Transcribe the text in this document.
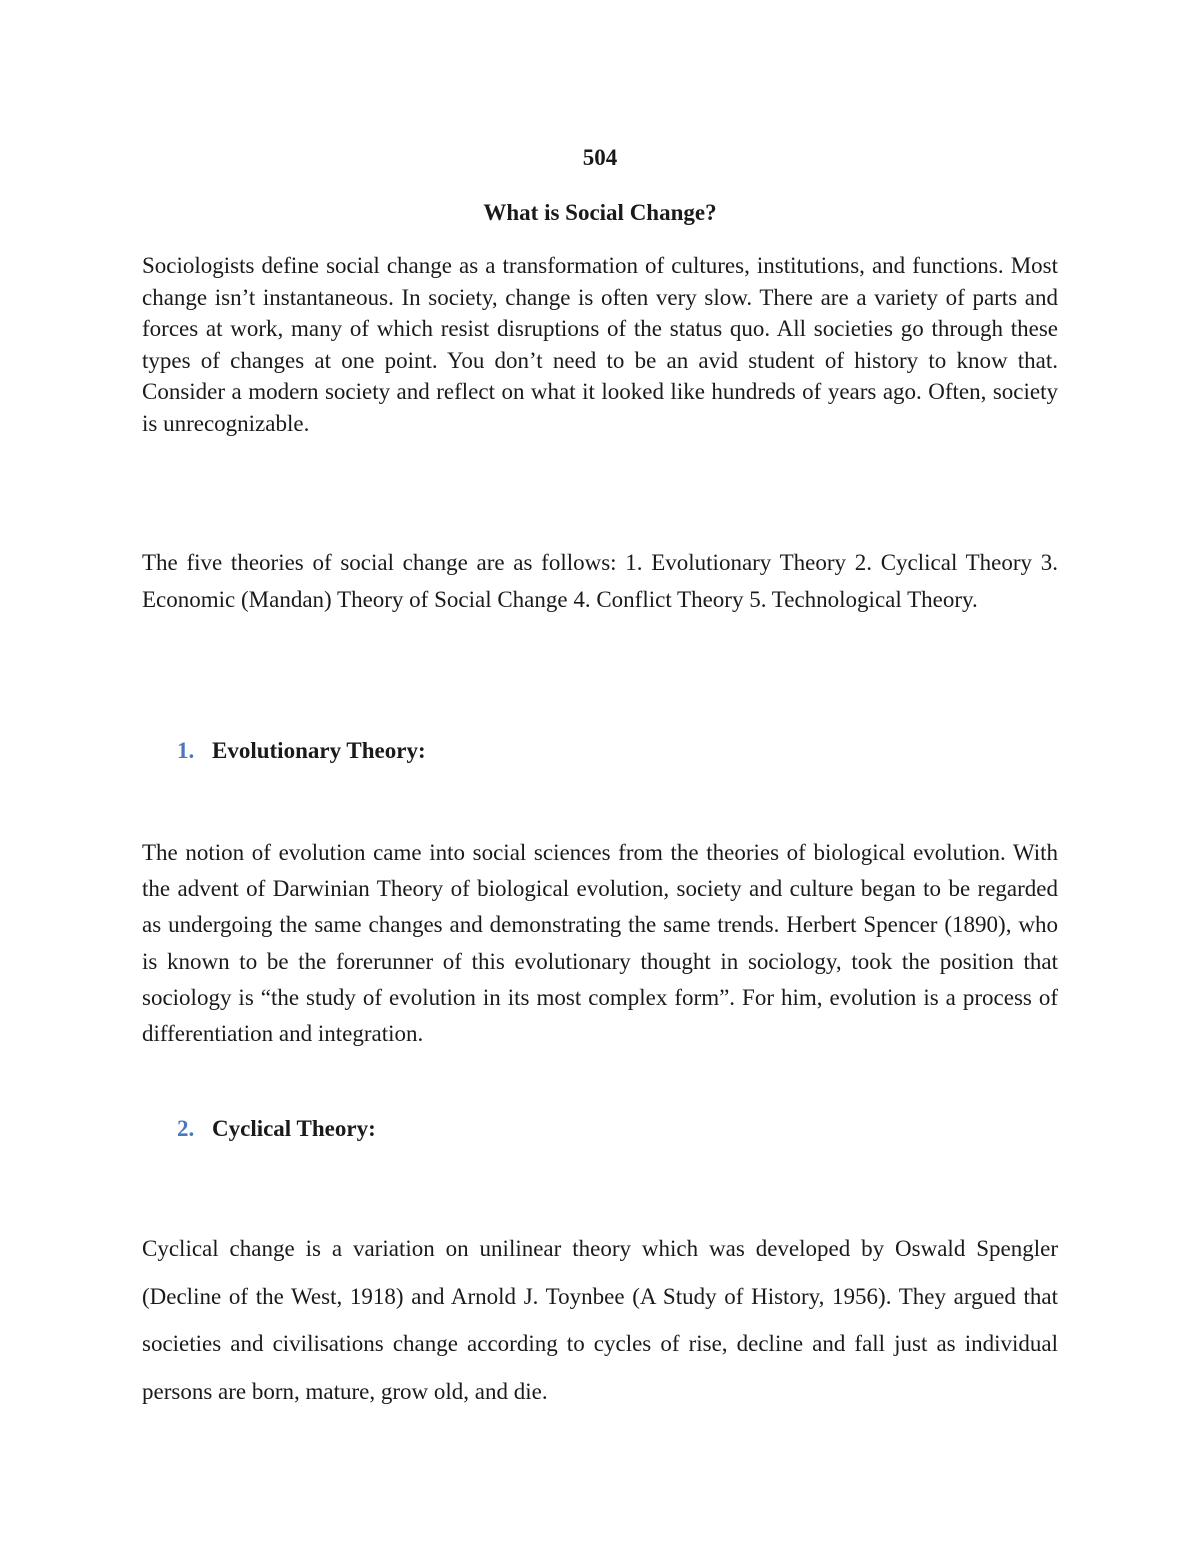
504

What is Social Change?

Sociologists define social change as a transformation of cultures, institutions, and functions. Most change isn’t instantaneous. In society, change is often very slow. There are a variety of parts and forces at work, many of which resist disruptions of the status quo. All societies go through these types of changes at one point. You don’t need to be an avid student of history to know that. Consider a modern society and reflect on what it looked like hundreds of years ago. Often, society is unrecognizable.

The five theories of social change are as follows: 1. Evolutionary Theory 2. Cyclical Theory 3. Economic (Mandan) Theory of Social Change 4. Conflict Theory 5. Technological Theory.

1. Evolutionary Theory:

The notion of evolution came into social sciences from the theories of biological evolution. With the advent of Darwinian Theory of biological evolution, society and culture began to be regarded as undergoing the same changes and demonstrating the same trends. Herbert Spencer (1890), who is known to be the forerunner of this evolutionary thought in sociology, took the position that sociology is “the study of evolution in its most complex form”. For him, evolution is a process of differentiation and integration.

2. Cyclical Theory:

Cyclical change is a variation on unilinear theory which was developed by Oswald Spengler (Decline of the West, 1918) and Arnold J. Toynbee (A Study of History, 1956). They argued that societies and civilisations change according to cycles of rise, decline and fall just as individual persons are born, mature, grow old, and die.
